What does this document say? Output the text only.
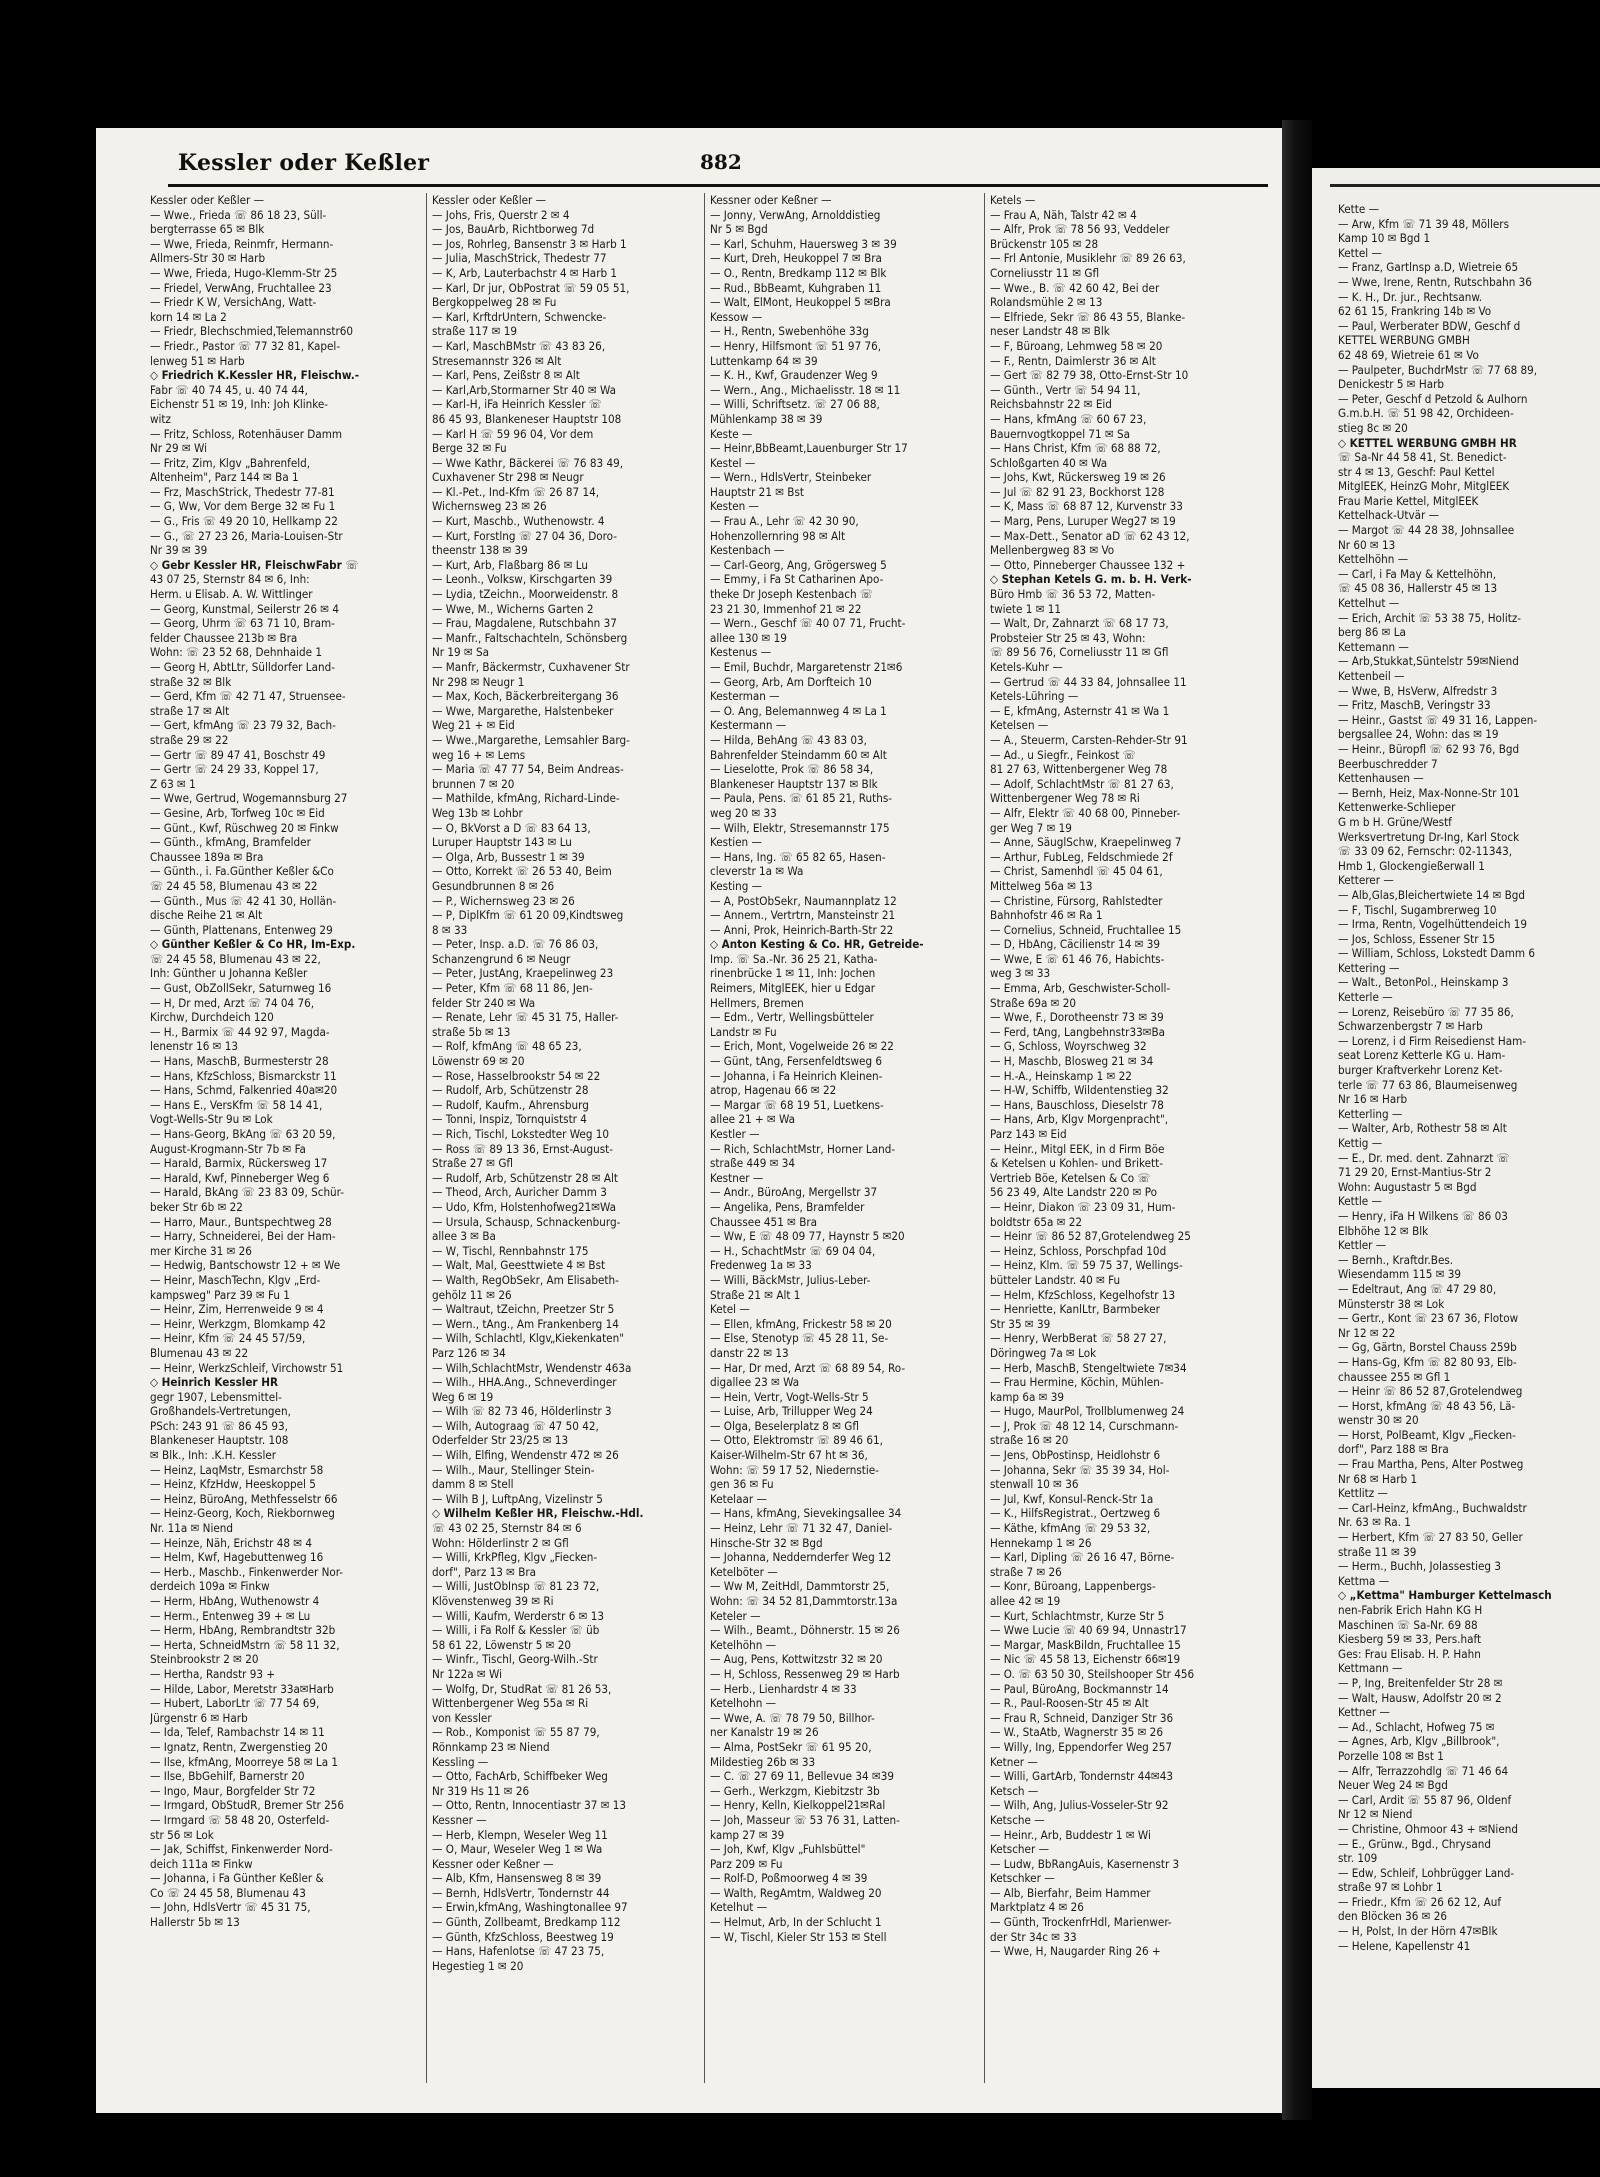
Kessler oder Keßler	882
Kessler oder Keßler —
— Wwe., Frieda ☏ 86 18 23, Süll-
bergterrasse 65 ✉ Blk
— Wwe, Frieda, Reinmfr, Hermann-
Allmers-Str 30 ✉ Harb
— Wwe, Frieda, Hugo-Klemm-Str 25
— Friedel, VerwAng, Fruchtallee 23
— Friedr K W, VersichAng, Watt-
korn 14 ✉ La 2
— Friedr, Blechschmied,Telemannstr60
— Friedr., Pastor ☏ 77 32 81, Kapel-
lenweg 51 ✉ Harb
◇ Friedrich K.Kessler HR, Fleischw.-
Fabr ☏ 40 74 45, u. 40 74 44,
Eichenstr 51 ✉ 19, Inh: Joh Klinke-
witz
— Fritz, Schloss, Rotenhäuser Damm
Nr 29 ✉ Wi
— Fritz, Zim, Klgv „Bahrenfeld,
Altenheim", Parz 144 ✉ Ba 1
— Frz, MaschStrick, Thedestr 77-81
— G, Ww, Vor dem Berge 32 ✉ Fu 1
— G., Fris ☏ 49 20 10, Hellkamp 22
— G., ☏ 27 23 26, Maria-Louisen-Str
Nr 39 ✉ 39
◇ Gebr Kessler HR, FleischwFabr ☏
43 07 25, Sternstr 84 ✉ 6, Inh:
Herm. u Elisab. A. W. Wittlinger
— Georg, Kunstmal, Seilerstr 26 ✉ 4
— Georg, Uhrm ☏ 63 71 10, Bram-
felder Chaussee 213b ✉ Bra
Wohn: ☏ 23 52 68, Dehnhaide 1
— Georg H, AbtLtr, Sülldorfer Land-
straße 32 ✉ Blk
— Gerd, Kfm ☏ 42 71 47, Struensee-
straße 17 ✉ Alt
— Gert, kfmAng ☏ 23 79 32, Bach-
straße 29 ✉ 22
— Gertr ☏ 89 47 41, Boschstr 49
— Gertr ☏ 24 29 33, Koppel 17,
Z 63 ✉ 1
— Wwe, Gertrud, Wogemannsburg 27
— Gesine, Arb, Torfweg 10c ✉ Eid
— Günt., Kwf, Rüschweg 20 ✉ Finkw
— Günth., kfmAng, Bramfelder
Chaussee 189a ✉ Bra
— Günth., i. Fa.Günther Keßler &Co
☏ 24 45 58, Blumenau 43 ✉ 22
— Günth., Mus ☏ 42 41 30, Hollän-
dische Reihe 21 ✉ Alt
— Günth, Plattenans, Entenweg 29
◇ Günther Keßler & Co HR, Im-Exp.
☏ 24 45 58, Blumenau 43 ✉ 22,
Inh: Günther u Johanna Keßler
— Gust, ObZollSekr, Saturnweg 16
— H, Dr med, Arzt ☏ 74 04 76,
Kirchw, Durchdeich 120
— H., Barmix ☏ 44 92 97, Magda-
lenenstr 16 ✉ 13
— Hans, MaschB, Burmesterstr 28
— Hans, KfzSchloss, Bismarckstr 11
— Hans, Schmd, Falkenried 40a✉20
— Hans E., VersKfm ☏ 58 14 41,
Vogt-Wells-Str 9u ✉ Lok
— Hans-Georg, BkAng ☏ 63 20 59,
August-Krogmann-Str 7b ✉ Fa
— Harald, Barmix, Rückersweg 17
— Harald, Kwf, Pinneberger Weg 6
— Harald, BkAng ☏ 23 83 09, Schür-
beker Str 6b ✉ 22
— Harro, Maur., Buntspechtweg 28
— Harry, Schneiderei, Bei der Ham-
mer Kirche 31 ✉ 26
— Hedwig, Bantschowstr 12 + ✉ We
— Heinr, MaschTechn, Klgv „Erd-
kampsweg" Parz 39 ✉ Fu 1
— Heinr, Zim, Herrenweide 9 ✉ 4
— Heinr, Werkzgm, Blomkamp 42
— Heinr, Kfm ☏ 24 45 57/59,
Blumenau 43 ✉ 22
— Heinr, WerkzSchleif, Virchowstr 51
◇ Heinrich Kessler HR
gegr 1907, Lebensmittel-
Großhandels-Vertretungen,
PSch: 243 91 ☏ 86 45 93,
Blankeneser Hauptstr. 108
✉ Blk., Inh: .K.H. Kessler
— Heinz, LaqMstr, Esmarchstr 58
— Heinz, KfzHdw, Heeskoppel 5
— Heinz, BüroAng, Methfesselstr 66
— Heinz-Georg, Koch, Riekbornweg
Nr. 11a ✉ Niend
— Heinze, Näh, Erichstr 48 ✉ 4
— Helm, Kwf, Hagebuttenweg 16
— Herb., Maschb., Finkenwerder Nor-
derdeich 109a ✉ Finkw
— Herm, HbAng, Wuthenowstr 4
— Herm., Entenweg 39 + ✉ Lu
— Herm, HbAng, Rembrandtstr 32b
— Herta, SchneidMstrn ☏ 58 11 32,
Steinbrookstr 2 ✉ 20
— Hertha, Randstr 93 +
— Hilde, Labor, Meretstr 33a✉Harb
— Hubert, LaborLtr ☏ 77 54 69,
Jürgenstr 6 ✉ Harb
— Ida, Telef, Rambachstr 14 ✉ 11
— Ignatz, Rentn, Zwergenstieg 20
— Ilse, kfmAng, Moorreye 58 ✉ La 1
— Ilse, BbGehilf, Barnerstr 20
— Ingo, Maur, Borgfelder Str 72
— Irmgard, ObStudR, Bremer Str 256
— Irmgard ☏ 58 48 20, Osterfeld-
str 56 ✉ Lok
— Jak, Schiffst, Finkenwerder Nord-
deich 111a ✉ Finkw
— Johanna, i Fa Günther Keßler &
Co ☏ 24 45 58, Blumenau 43
— John, HdlsVertr ☏ 45 31 75,
Hallerstr 5b ✉ 13
Kessler oder Keßler —
— Johs, Fris, Querstr 2 ✉ 4
— Jos, BauArb, Richtborweg 7d
— Jos, Rohrleg, Bansenstr 3 ✉ Harb 1
— Julia, MaschStrick, Thedestr 77
— K, Arb, Lauterbachstr 4 ✉ Harb 1
— Karl, Dr jur, ObPostrat ☏ 59 05 51,
Bergkoppelweg 28 ✉ Fu
— Karl, KrftdrUntern, Schwencke-
straße 117 ✉ 19
— Karl, MaschBMstr ☏ 43 83 26,
Stresemannstr 326 ✉ Alt
— Karl, Pens, Zeißstr 8 ✉ Alt
— Karl,Arb,Stormarner Str 40 ✉ Wa
— Karl-H, iFa Heinrich Kessler ☏
86 45 93, Blankeneser Hauptstr 108
— Karl H ☏ 59 96 04, Vor dem
Berge 32 ✉ Fu
— Wwe Kathr, Bäckerei ☏ 76 83 49,
Cuxhavener Str 298 ✉ Neugr
— Kl.-Pet., Ind-Kfm ☏ 26 87 14,
Wichernsweg 23 ✉ 26
— Kurt, Maschb., Wuthenowstr. 4
— Kurt, Forstlng ☏ 27 04 36, Doro-
theenstr 138 ✉ 39
— Kurt, Arb, Flaßbarg 86 ✉ Lu
— Leonh., Volksw, Kirschgarten 39
— Lydia, tZeichn., Moorweidenstr. 8
— Wwe, M., Wicherns Garten 2
— Frau, Magdalene, Rutschbahn 37
— Manfr., Faltschachteln, Schönsberg
Nr 19 ✉ Sa
— Manfr, Bäckermstr, Cuxhavener Str
Nr 298 ✉ Neugr 1
— Max, Koch, Bäckerbreitergang 36
— Wwe, Margarethe, Halstenbeker
Weg 21 + ✉ Eid
— Wwe.,Margarethe, Lemsahler Barg-
weg 16 + ✉ Lems
— Maria ☏ 47 77 54, Beim Andreas-
brunnen 7 ✉ 20
— Mathilde, kfmAng, Richard-Linde-
Weg 13b ✉ Lohbr
— O, BkVorst a D ☏ 83 64 13,
Luruper Hauptstr 143 ✉ Lu
— Olga, Arb, Bussestr 1 ✉ 39
— Otto, Korrekt ☏ 26 53 40, Beim
Gesundbrunnen 8 ✉ 26
— P., Wichernsweg 23 ✉ 26
— P, DiplKfm ☏ 61 20 09,Kindtsweg
8 ✉ 33
— Peter, Insp. a.D. ☏ 76 86 03,
Schanzengrund 6 ✉ Neugr
— Peter, JustAng, Kraepelinweg 23
— Peter, Kfm ☏ 68 11 86, Jen-
felder Str 240 ✉ Wa
— Renate, Lehr ☏ 45 31 75, Haller-
straße 5b ✉ 13
— Rolf, kfmAng ☏ 48 65 23,
Löwenstr 69 ✉ 20
— Rose, Hasselbrookstr 54 ✉ 22
— Rudolf, Arb, Schützenstr 28
— Rudolf, Kaufm., Ahrensburg
— Tonni, Inspiz, Tornquiststr 4
— Rich, Tischl, Lokstedter Weg 10
— Ross ☏ 89 13 36, Ernst-August-
Straße 27 ✉ Gfl
— Rudolf, Arb, Schützenstr 28 ✉ Alt
— Theod, Arch, Auricher Damm 3
— Udo, Kfm, Holstenhofweg21✉Wa
— Ursula, Schausp, Schnackenburg-
allee 3 ✉ Ba
— W, Tischl, Rennbahnstr 175
— Walt, Mal, Geesttwiete 4 ✉ Bst
— Walth, RegObSekr, Am Elisabeth-
gehölz 11 ✉ 26
— Waltraut, tZeichn, Preetzer Str 5
— Wern., tAng., Am Frankenberg 14
— Wilh, Schlachtl, Klgv„Kiekenkaten"
Parz 126 ✉ 34
— Wilh,SchlachtMstr, Wendenstr 463a
— Wilh., HHA.Ang., Schneverdinger
Weg 6 ✉ 19
— Wilh ☏ 82 73 46, Hölderlinstr 3
— Wilh, Autograag ☏ 47 50 42,
Oderfelder Str 23/25 ✉ 13
— Wilh, Elfing, Wendenstr 472 ✉ 26
— Wilh., Maur, Stellinger Stein-
damm 8 ✉ Stell
— Wilh B J, LuftpAng, Vizelinstr 5
◇ Wilhelm Keßler HR, Fleischw.-Hdl.
☏ 43 02 25, Sternstr 84 ✉ 6
Wohn: Hölderlinstr 2 ✉ Gfl
— Willi, KrkPfleg, Klgv „Fiecken-
dorf", Parz 13 ✉ Bra
— Willi, JustObInsp ☏ 81 23 72,
Klövenstenweg 39 ✉ Ri
— Willi, Kaufm, Werderstr 6 ✉ 13
— Willi, i Fa Rolf & Kessler ☏ üb
58 61 22, Löwenstr 5 ✉ 20
— Winfr., Tischl, Georg-Wilh.-Str
Nr 122a ✉ Wi
— Wolfg, Dr, StudRat ☏ 81 26 53,
Wittenbergener Weg 55a ✉ Ri
von Kessler
— Rob., Komponist ☏ 55 87 79,
Rönnkamp 23 ✉ Niend
Kessling —
— Otto, FachArb, Schiffbeker Weg
Nr 319 Hs 11 ✉ 26
— Otto, Rentn, Innocentiastr 37 ✉ 13
Kessner —
— Herb, Klempn, Weseler Weg 11
— O, Maur, Weseler Weg 1 ✉ Wa
Kessner oder Keßner —
— Alb, Kfm, Hansensweg 8 ✉ 39
— Bernh, HdlsVertr, Tondernstr 44
— Erwin,kfmAng, Washingtonallee 97
— Günth, Zollbeamt, Bredkamp 112
— Günth, KfzSchloss, Beestweg 19
— Hans, Hafenlotse ☏ 47 23 75,
Hegestieg 1 ✉ 20
Kessner oder Keßner —
— Jonny, VerwAng, Arnolddistieg
Nr 5 ✉ Bgd
— Karl, Schuhm, Hauersweg 3 ✉ 39
— Kurt, Dreh, Heukoppel 7 ✉ Bra
— O., Rentn, Bredkamp 112 ✉ Blk
— Rud., BbBeamt, Kuhgraben 11
— Walt, ElMont, Heukoppel 5 ✉Bra
Kessow —
— H., Rentn, Swebenhöhe 33g
— Henry, Hilfsmont ☏ 51 97 76,
Luttenkamp 64 ✉ 39
— K. H., Kwf, Graudenzer Weg 9
— Wern., Ang., Michaelisstr. 18 ✉ 11
— Willi, Schriftsetz. ☏ 27 06 88,
Mühlenkamp 38 ✉ 39
Keste —
— Heinr,BbBeamt,Lauenburger Str 17
Kestel —
— Wern., HdlsVertr, Steinbeker
Hauptstr 21 ✉ Bst
Kesten —
— Frau A., Lehr ☏ 42 30 90,
Hohenzollernring 98 ✉ Alt
Kestenbach —
— Carl-Georg, Ang, Grögersweg 5
— Emmy, i Fa St Catharinen Apo-
theke Dr Joseph Kestenbach ☏
23 21 30, Immenhof 21 ✉ 22
— Wern., Geschf ☏ 40 07 71, Frucht-
allee 130 ✉ 19
Kestenus —
— Emil, Buchdr, Margaretenstr 21✉6
— Georg, Arb, Am Dorfteich 10
Kesterman —
— O. Ang, Belemannweg 4 ✉ La 1
Kestermann —
— Hilda, BehAng ☏ 43 83 03,
Bahrenfelder Steindamm 60 ✉ Alt
— Lieselotte, Prok ☏ 86 58 34,
Blankeneser Hauptstr 137 ✉ Blk
— Paula, Pens. ☏ 61 85 21, Ruths-
weg 20 ✉ 33
— Wilh, Elektr, Stresemannstr 175
Kestien —
— Hans, Ing. ☏ 65 82 65, Hasen-
cleverstr 1a ✉ Wa
Kesting —
— A, PostObSekr, Naumannplatz 12
— Annem., Vertrtrn, Mansteinstr 21
— Anni, Prok, Heinrich-Barth-Str 22
◇ Anton Kesting & Co. HR, Getreide-
Imp. ☏ Sa.-Nr. 36 25 21, Katha-
rinenbrücke 1 ✉ 11, Inh: Jochen
Reimers, MitglEEK, hier u Edgar
Hellmers, Bremen
— Edm., Vertr, Wellingsbütteler
Landstr ✉ Fu
— Erich, Mont, Vogelweide 26 ✉ 22
— Günt, tAng, Fersenfeldtsweg 6
— Johanna, i Fa Heinrich Kleinen-
atrop, Hagenau 66 ✉ 22
— Margar ☏ 68 19 51, Luetkens-
allee 21 + ✉ Wa
Kestler —
— Rich, SchlachtMstr, Horner Land-
straße 449 ✉ 34
Kestner —
— Andr., BüroAng, Mergellstr 37
— Angelika, Pens, Bramfelder
Chaussee 451 ✉ Bra
— Ww, E ☏ 48 09 77, Haynstr 5 ✉20
— H., SchachtMstr ☏ 69 04 04,
Fredenweg 1a ✉ 33
— Willi, BäckMstr, Julius-Leber-
Straße 21 ✉ Alt 1
Ketel —
— Ellen, kfmAng, Frickestr 58 ✉ 20
— Else, Stenotyp ☏ 45 28 11, Se-
danstr 22 ✉ 13
— Har, Dr med, Arzt ☏ 68 89 54, Ro-
digallee 23 ✉ Wa
— Hein, Vertr, Vogt-Wells-Str 5
— Luise, Arb, Trillupper Weg 24
— Olga, Beselerplatz 8 ✉ Gfl
— Otto, Elektromstr ☏ 89 46 61,
Kaiser-Wilhelm-Str 67 ht ✉ 36,
Wohn: ☏ 59 17 52, Niedernstie-
gen 36 ✉ Fu
Ketelaar —
— Hans, kfmAng, Sievekingsallee 34
— Heinz, Lehr ☏ 71 32 47, Daniel-
Hinsche-Str 32 ✉ Bgd
— Johanna, Neddernderfer Weg 12
Ketelböter —
— Ww M, ZeitHdl, Dammtorstr 25,
Wohn: ☏ 34 52 81,Dammtorstr.13a
Keteler —
— Wilh., Beamt., Döhnerstr. 15 ✉ 26
Ketelhöhn —
— Aug, Pens, Kottwitzstr 32 ✉ 20
— H, Schloss, Ressenweg 29 ✉ Harb
— Herb., Lienhardstr 4 ✉ 33
Ketelhohn —
— Wwe, A. ☏ 78 79 50, Billhor-
ner Kanalstr 19 ✉ 26
— Alma, PostSekr ☏ 61 95 20,
Mildestieg 26b ✉ 33
— C. ☏ 27 69 11, Bellevue 34 ✉39
— Gerh., Werkzgm, Kiebitzstr 3b
— Henry, Kelln, Kielkoppel21✉Ral
— Joh, Masseur ☏ 53 76 31, Latten-
kamp 27 ✉ 39
— Joh, Kwf, Klgv „Fuhlsbüttel"
Parz 209 ✉ Fu
— Rolf-D, Poßmoorweg 4 ✉ 39
— Walth, RegAmtm, Waldweg 20
Ketelhut —
— Helmut, Arb, In der Schlucht 1
— W, Tischl, Kieler Str 153 ✉ Stell
Ketels —
— Frau A, Näh, Talstr 42 ✉ 4
— Alfr, Prok ☏ 78 56 93, Veddeler
Brückenstr 105 ✉ 28
— Frl Antonie, Musiklehr ☏ 89 26 63,
Corneliusstr 11 ✉ Gfl
— Wwe., B. ☏ 42 60 42, Bei der
Rolandsmühle 2 ✉ 13
— Elfriede, Sekr ☏ 86 43 55, Blanke-
neser Landstr 48 ✉ Blk
— F, Büroang, Lehmweg 58 ✉ 20
— F., Rentn, Daimlerstr 36 ✉ Alt
— Gert ☏ 82 79 38, Otto-Ernst-Str 10
— Günth., Vertr ☏ 54 94 11,
Reichsbahnstr 22 ✉ Eid
— Hans, kfmAng ☏ 60 67 23,
Bauernvogtkoppel 71 ✉ Sa
— Hans Christ, Kfm ☏ 68 88 72,
Schloßgarten 40 ✉ Wa
— Johs, Kwt, Rückersweg 19 ✉ 26
— Jul ☏ 82 91 23, Bockhorst 128
— K, Mass ☏ 68 87 12, Kurvenstr 33
— Marg, Pens, Luruper Weg27 ✉ 19
— Max-Dett., Senator aD ☏ 62 43 12,
Mellenbergweg 83 ✉ Vo
— Otto, Pinneberger Chaussee 132 +
◇ Stephan Ketels G. m. b. H. Verk-
Büro Hmb ☏ 36 53 72, Matten-
twiete 1 ✉ 11
— Walt, Dr, Zahnarzt ☏ 68 17 73,
Probsteier Str 25 ✉ 43, Wohn:
☏ 89 56 76, Corneliusstr 11 ✉ Gfl
Ketels-Kuhr —
— Gertrud ☏ 44 33 84, Johnsallee 11
Ketels-Lühring —
— E, kfmAng, Asternstr 41 ✉ Wa 1
Ketelsen —
— A., Steuerm, Carsten-Rehder-Str 91
— Ad., u Siegfr., Feinkost ☏
81 27 63, Wittenbergener Weg 78
— Adolf, SchlachtMstr ☏ 81 27 63,
Wittenbergener Weg 78 ✉ Ri
— Alfr, Elektr ☏ 40 68 00, Pinneber-
ger Weg 7 ✉ 19
— Anne, SäuglSchw, Kraepelinweg 7
— Arthur, FubLeg, Feldschmiede 2f
— Christ, Samenhdl ☏ 45 04 61,
Mittelweg 56a ✉ 13
— Christine, Fürsorg, Rahlstedter
Bahnhofstr 46 ✉ Ra 1
— Cornelius, Schneid, Fruchtallee 15
— D, HbAng, Cäcilienstr 14 ✉ 39
— Wwe, E ☏ 61 46 76, Habichts-
weg 3 ✉ 33
— Emma, Arb, Geschwister-Scholl-
Straße 69a ✉ 20
— Wwe, F., Dorotheenstr 73 ✉ 39
— Ferd, tAng, Langbehnstr33✉Ba
— G, Schloss, Woyrschweg 32
— H, Maschb, Blosweg 21 ✉ 34
— H.-A., Heinskamp 1 ✉ 22
— H-W, Schiffb, Wildentenstieg 32
— Hans, Bauschloss, Dieselstr 78
— Hans, Arb, Klgv Morgenpracht",
Parz 143 ✉ Eid
— Heinr., Mitgl EEK, in d Firm Böe
& Ketelsen u Kohlen- und Brikett-
Vertrieb Böe, Ketelsen & Co ☏
56 23 49, Alte Landstr 220 ✉ Po
— Heinr, Diakon ☏ 23 09 31, Hum-
boldtstr 65a ✉ 22
— Heinr ☏ 86 52 87,Grotelendweg 25
— Heinz, Schloss, Porschpfad 10d
— Heinz, Klm. ☏ 59 75 37, Wellings-
bütteler Landstr. 40 ✉ Fu
— Helm, KfzSchloss, Kegelhofstr 13
— Henriette, KanlLtr, Barmbeker
Str 35 ✉ 39
— Henry, WerbBerat ☏ 58 27 27,
Döringweg 7a ✉ Lok
— Herb, MaschB, Stengeltwiete 7✉34
— Frau Hermine, Köchin, Mühlen-
kamp 6a ✉ 39
— Hugo, MaurPol, Trollblumenweg 24
— J, Prok ☏ 48 12 14, Curschmann-
straße 16 ✉ 20
— Jens, ObPostinsp, Heidlohstr 6
— Johanna, Sekr ☏ 35 39 34, Hol-
stenwall 10 ✉ 36
— Jul, Kwf, Konsul-Renck-Str 1a
— K., HilfsRegistrat., Oertzweg 6
— Käthe, kfmAng ☏ 29 53 32,
Hennekamp 1 ✉ 26
— Karl, Dipling ☏ 26 16 47, Börne-
straße 7 ✉ 26
— Konr, Büroang, Lappenbergs-
allee 42 ✉ 19
— Kurt, Schlachtmstr, Kurze Str 5
— Wwe Lucie ☏ 40 69 94, Unnastr17
— Margar, MaskBildn, Fruchtallee 15
— Nic ☏ 45 58 13, Eichenstr 66✉19
— O. ☏ 63 50 30, Steilshooper Str 456
— Paul, BüroAng, Bockmannstr 14
— R., Paul-Roosen-Str 45 ✉ Alt
— Frau R, Schneid, Danziger Str 36
— W., StaAtb, Wagnerstr 35 ✉ 26
— Willy, Ing, Eppendorfer Weg 257
Ketner —
— Willi, GartArb, Tondernstr 44✉43
Ketsch —
— Wilh, Ang, Julius-Vosseler-Str 92
Ketsche —
— Heinr., Arb, Buddestr 1 ✉ Wi
Ketscher —
— Ludw, BbRangAuis, Kasernenstr 3
Ketschker —
— Alb, Bierfahr, Beim Hammer
Marktplatz 4 ✉ 26
— Günth, TrockenfrHdl, Marienwer-
der Str 34c ✉ 33
— Wwe, H, Naugarder Ring 26 +
Kette —
— Arw, Kfm ☏ 71 39 48, Möllers
Kamp 10 ✉ Bgd 1
Kettel —
— Franz, Gartlnsp a.D, Wietreie 65
— Wwe, Irene, Rentn, Rutschbahn 36
— K. H., Dr. jur., Rechtsanw.
62 61 15, Frankring 14b ✉ Vo
— Paul, Werberater BDW, Geschf d
KETTEL WERBUNG GMBH
62 48 69, Wietreie 61 ✉ Vo
— Paulpeter, BuchdrMstr ☏ 77 68 89,
Denickestr 5 ✉ Harb
— Peter, Geschf d Petzold & Aulhorn
G.m.b.H. ☏ 51 98 42, Orchideen-
stieg 8c ✉ 20
◇ KETTEL WERBUNG GMBH HR
☏ Sa-Nr 44 58 41, St. Benedict-
str 4 ✉ 13, Geschf: Paul Kettel
MitglEEK, HeinzG Mohr, MitglEEK
Frau Marie Kettel, MitglEEK
Kettelhack-Utvär —
— Margot ☏ 44 28 38, Johnsallee
Nr 60 ✉ 13
Kettelhöhn —
— Carl, i Fa May & Kettelhöhn,
☏ 45 08 36, Hallerstr 45 ✉ 13
Kettelhut —
— Erich, Archit ☏ 53 38 75, Holitz-
berg 86 ✉ La
Kettemann —
— Arb,Stukkat,Süntelstr 59✉Niend
Kettenbeil —
— Wwe, B, HsVerw, Alfredstr 3
— Fritz, MaschB, Veringstr 33
— Heinr., Gastst ☏ 49 31 16, Lappen-
bergsallee 24, Wohn: das ✉ 19
— Heinr., Büropfl ☏ 62 93 76, Bgd
Beerbuschredder 7
Kettenhausen —
— Bernh, Heiz, Max-Nonne-Str 101
Kettenwerke-Schlieper
G m b H. Grüne/Westf
Werksvertretung Dr-Ing, Karl Stock
☏ 33 09 62, Fernschr: 02-11343,
Hmb 1, Glockengießerwall 1
Ketterer —
— Alb,Glas,Bleichertwiete 14 ✉ Bgd
— F, Tischl, Sugambrerweg 10
— Irma, Rentn, Vogelhüttendeich 19
— Jos, Schloss, Essener Str 15
— William, Schloss, Lokstedt Damm 6
Kettering —
— Walt., BetonPol., Heinskamp 3
Ketterle —
— Lorenz, Reisebüro ☏ 77 35 86,
Schwarzenbergstr 7 ✉ Harb
— Lorenz, i d Firm Reisedienst Ham-
seat Lorenz Ketterle KG u. Ham-
burger Kraftverkehr Lorenz Ket-
terle ☏ 77 63 86, Blaumeisenweg
Nr 16 ✉ Harb
Ketterling —
— Walter, Arb, Rothestr 58 ✉ Alt
Kettig —
— E., Dr. med. dent. Zahnarzt ☏
71 29 20, Ernst-Mantius-Str 2
Wohn: Augustastr 5 ✉ Bgd
Kettle —
— Henry, iFa H Wilkens ☏ 86 03
Elbhöhe 12 ✉ Blk
Kettler —
— Bernh., Kraftdr.Bes.
Wiesendamm 115 ✉ 39
— Edeltraut, Ang ☏ 47 29 80,
Münsterstr 38 ✉ Lok
— Gertr., Kont ☏ 23 67 36, Flotow
Nr 12 ✉ 22
— Gg, Gärtn, Borstel Chauss 259b
— Hans-Gg, Kfm ☏ 82 80 93, Elb-
chaussee 255 ✉ Gfl 1
— Heinr ☏ 86 52 87,Grotelendweg
— Horst, kfmAng ☏ 48 43 56, Lä-
wenstr 30 ✉ 20
— Horst, PolBeamt, Klgv „Fiecken-
dorf", Parz 188 ✉ Bra
— Frau Martha, Pens, Alter Postweg
Nr 68 ✉ Harb 1
Kettlitz —
— Carl-Heinz, kfmAng., Buchwaldstr
Nr. 63 ✉ Ra. 1
— Herbert, Kfm ☏ 27 83 50, Geller
straße 11 ✉ 39
— Herm., Buchh, Jolassestieg 3
Kettma —
◇ „Kettma" Hamburger Kettelmasch
nen-Fabrik Erich Hahn KG H
Maschinen ☏ Sa-Nr. 69 88
Kiesberg 59 ✉ 33, Pers.haft
Ges: Frau Elisab. H. P. Hahn
Kettmann —
— P, Ing, Breitenfelder Str 28 ✉
— Walt, Hausw, Adolfstr 20 ✉ 2
Kettner —
— Ad., Schlacht, Hofweg 75 ✉
— Agnes, Arb, Klgv „Billbrook",
Porzelle 108 ✉ Bst 1
— Alfr, Terrazzohdlg ☏ 71 46 64
Neuer Weg 24 ✉ Bgd
— Carl, Ardit ☏ 55 87 96, Oldenf
Nr 12 ✉ Niend
— Christine, Ohmoor 43 + ✉Niend
— E., Grünw., Bgd., Chrysand
str. 109
— Edw, Schleif, Lohbrügger Land-
straße 97 ✉ Lohbr 1
— Friedr., Kfm ☏ 26 62 12, Auf
den Blöcken 36 ✉ 26
— H, Polst, In der Hörn 47✉Blk
— Helene, Kapellenstr 41
